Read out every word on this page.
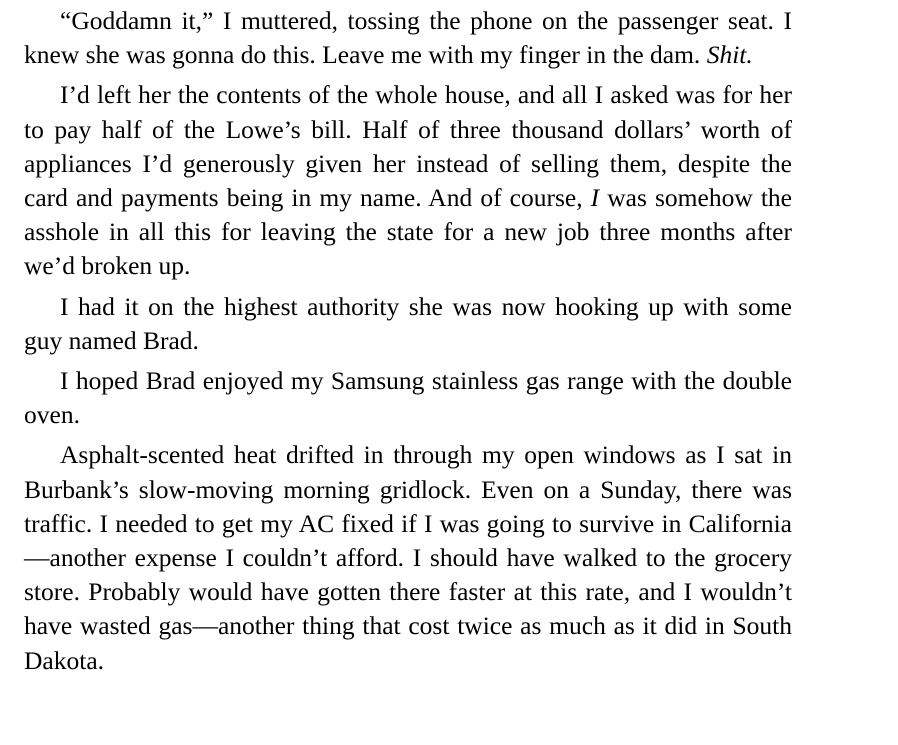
“Goddamn it,” I muttered, tossing the phone on the passenger seat. I knew she was gonna do this. Leave me with my finger in the dam. Shit.

I’d left her the contents of the whole house, and all I asked was for her to pay half of the Lowe’s bill. Half of three thousand dollars’ worth of appliances I’d generously given her instead of selling them, despite the card and payments being in my name. And of course, I was somehow the asshole in all this for leaving the state for a new job three months after we’d broken up.

I had it on the highest authority she was now hooking up with some guy named Brad.

I hoped Brad enjoyed my Samsung stainless gas range with the double oven.

Asphalt-scented heat drifted in through my open windows as I sat in Burbank’s slow-moving morning gridlock. Even on a Sunday, there was traffic. I needed to get my AC fixed if I was going to survive in California—another expense I couldn’t afford. I should have walked to the grocery store. Probably would have gotten there faster at this rate, and I wouldn’t have wasted gas—another thing that cost twice as much as it did in South Dakota.
